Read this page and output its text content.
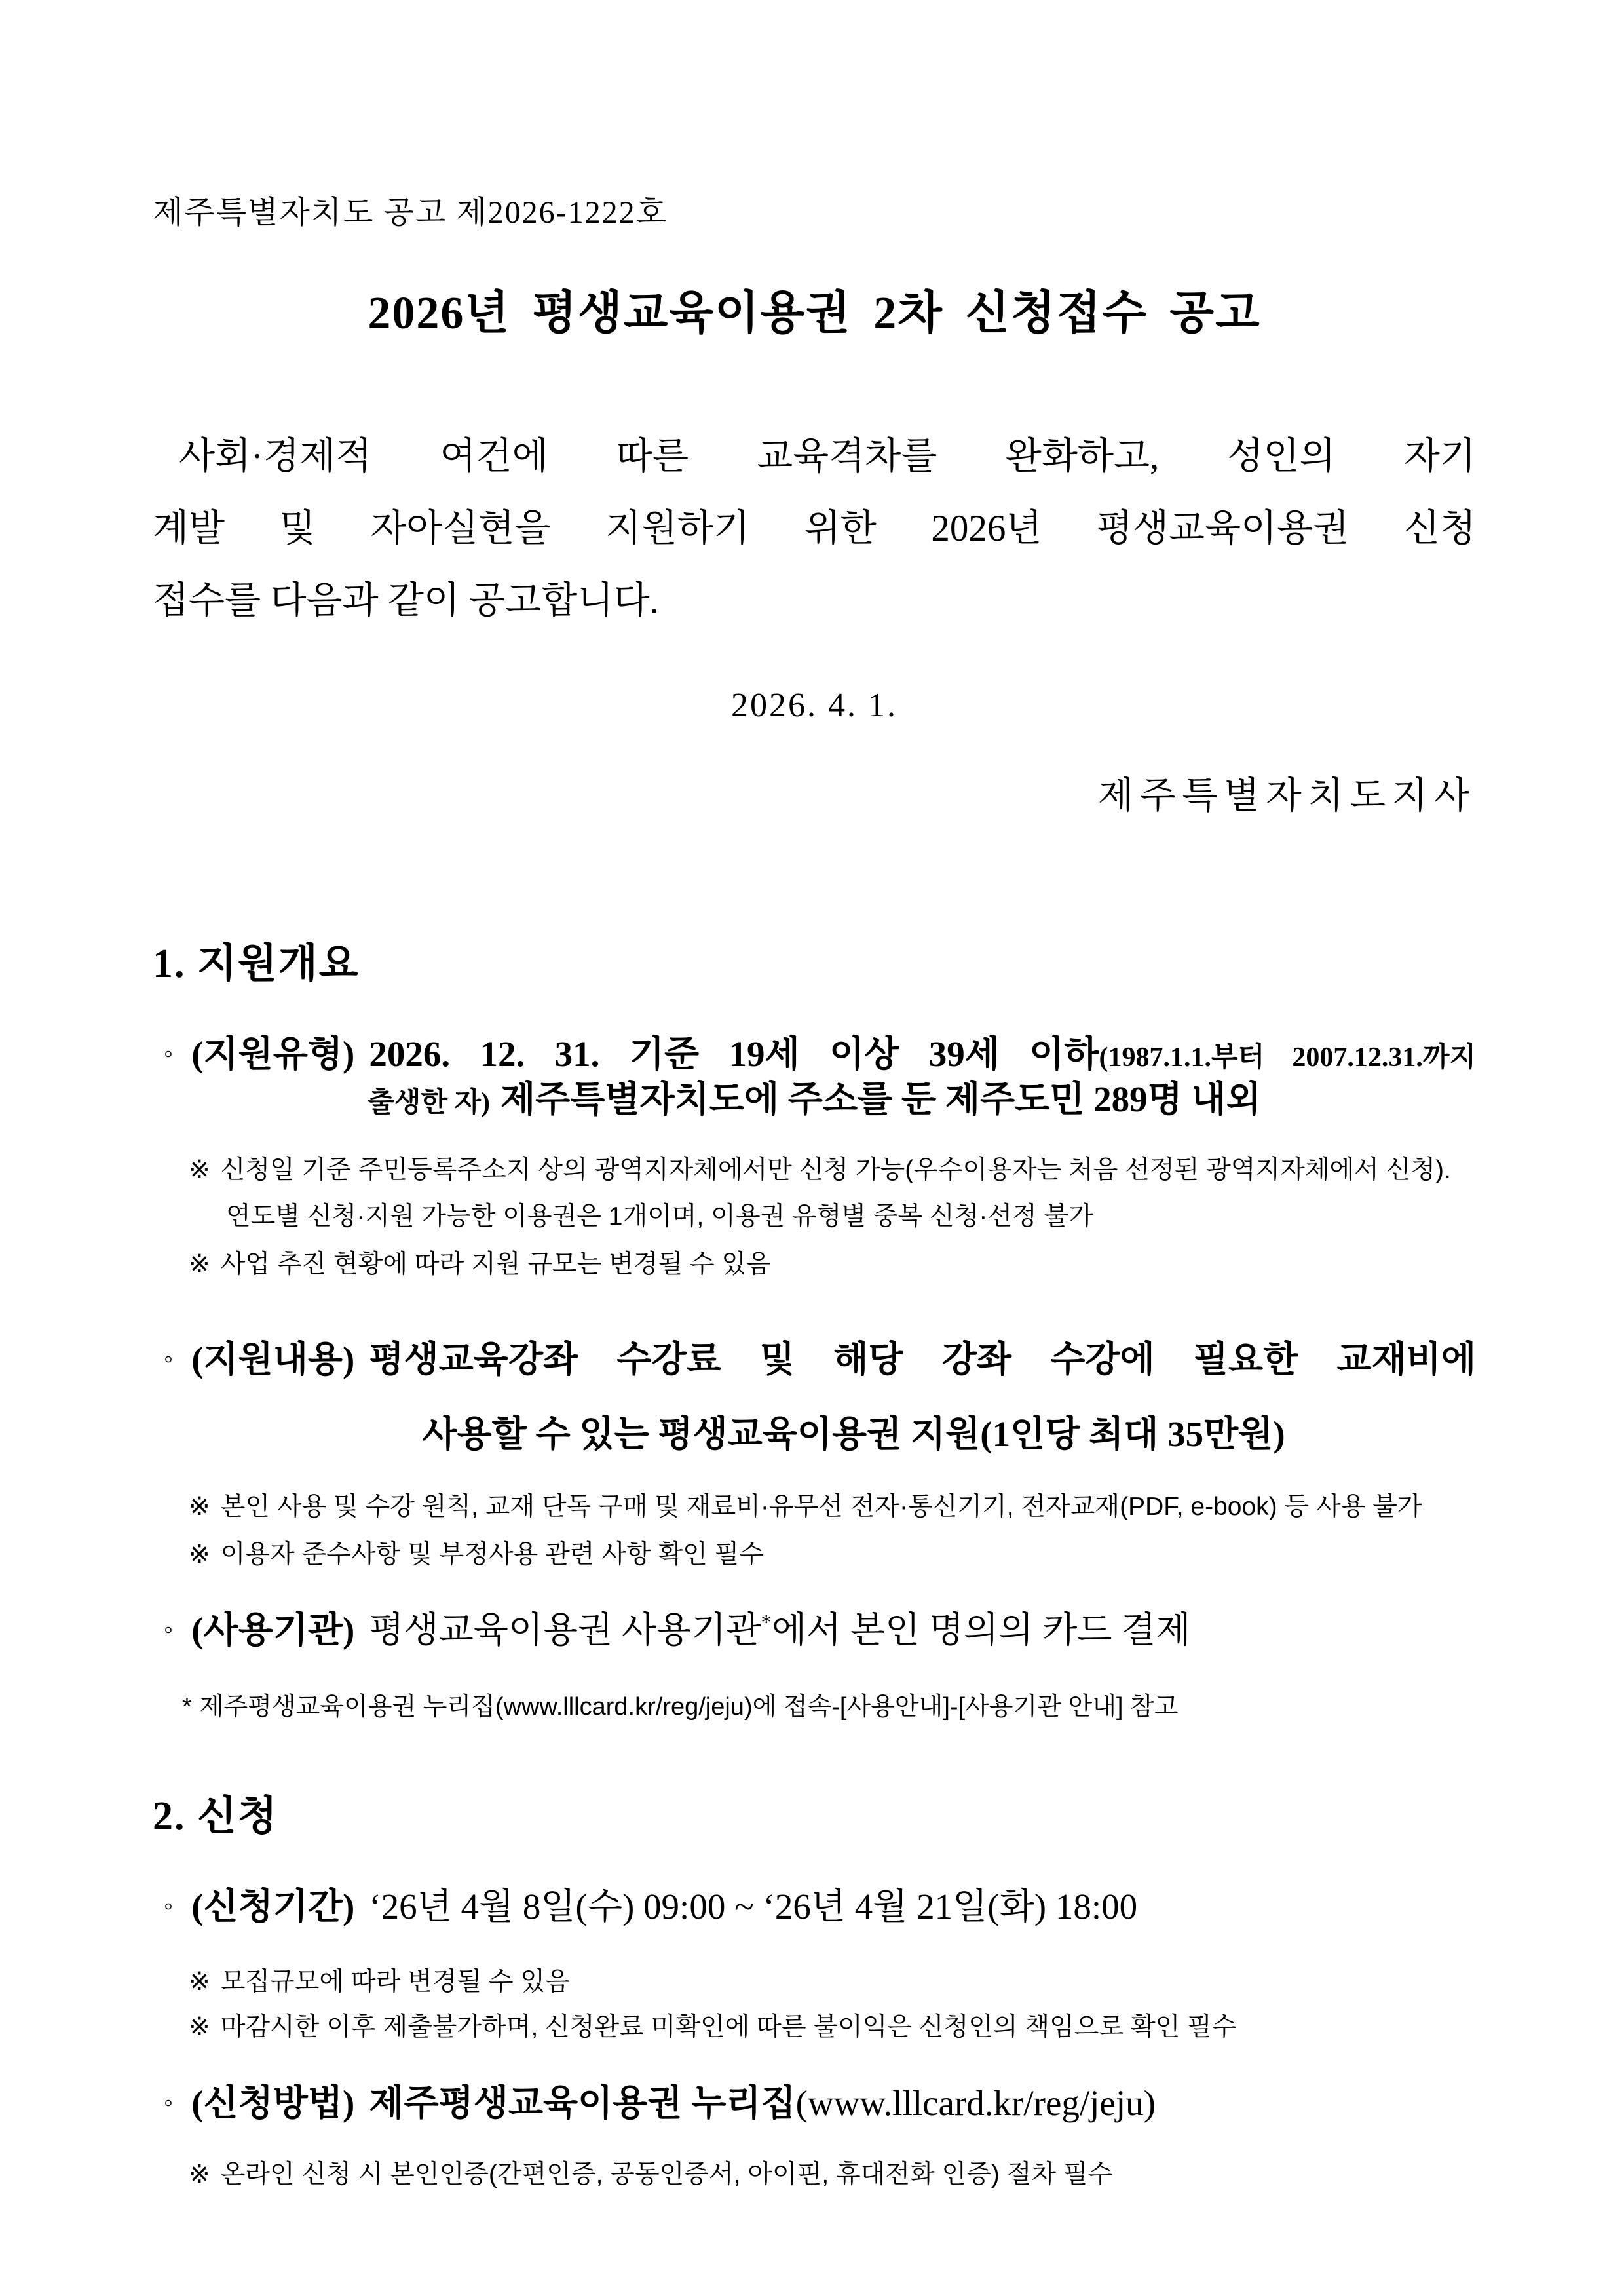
제주특별자치도 공고 제2026-1222호
2026년 평생교육이용권 2차 신청접수 공고
사회·경제적 여건에 따른 교육격차를 완화하고, 성인의 자기
계발 및 자아실현을 지원하기 위한 2026년 평생교육이용권 신청
접수를 다음과 같이 공고합니다.
2026. 4. 1.
제주특별자치도지사
1. 지원개요
◦ (지원유형) 2026. 12. 31. 기준 19세 이상 39세 이하(1987.1.1.부터 2007.12.31.까지
출생한 자) 제주특별자치도에 주소를 둔 제주도민 289명 내외
※ 신청일 기준 주민등록주소지 상의 광역지자체에서만 신청 가능(우수이용자는 처음 선정된 광역지자체에서 신청).
연도별 신청·지원 가능한 이용권은 1개이며, 이용권 유형별 중복 신청·선정 불가
※ 사업 추진 현황에 따라 지원 규모는 변경될 수 있음
◦ (지원내용) 평생교육강좌 수강료 및 해당 강좌 수강에 필요한 교재비에
사용할 수 있는 평생교육이용권 지원(1인당 최대 35만원)
※ 본인 사용 및 수강 원칙, 교재 단독 구매 및 재료비·유무선 전자·통신기기, 전자교재(PDF, e-book) 등 사용 불가
※ 이용자 준수사항 및 부정사용 관련 사항 확인 필수
◦ (사용기관) 평생교육이용권 사용기관*에서 본인 명의의 카드 결제
* 제주평생교육이용권 누리집(www.lllcard.kr/reg/jeju)에 접속-[사용안내]-[사용기관 안내] 참고
2. 신청
◦ (신청기간) ‘26년 4월 8일(수) 09:00 ~ ‘26년 4월 21일(화) 18:00
※ 모집규모에 따라 변경될 수 있음
※ 마감시한 이후 제출불가하며, 신청완료 미확인에 따른 불이익은 신청인의 책임으로 확인 필수
◦ (신청방법) 제주평생교육이용권 누리집(www.lllcard.kr/reg/jeju)
※ 온라인 신청 시 본인인증(간편인증, 공동인증서, 아이핀, 휴대전화 인증) 절차 필수
